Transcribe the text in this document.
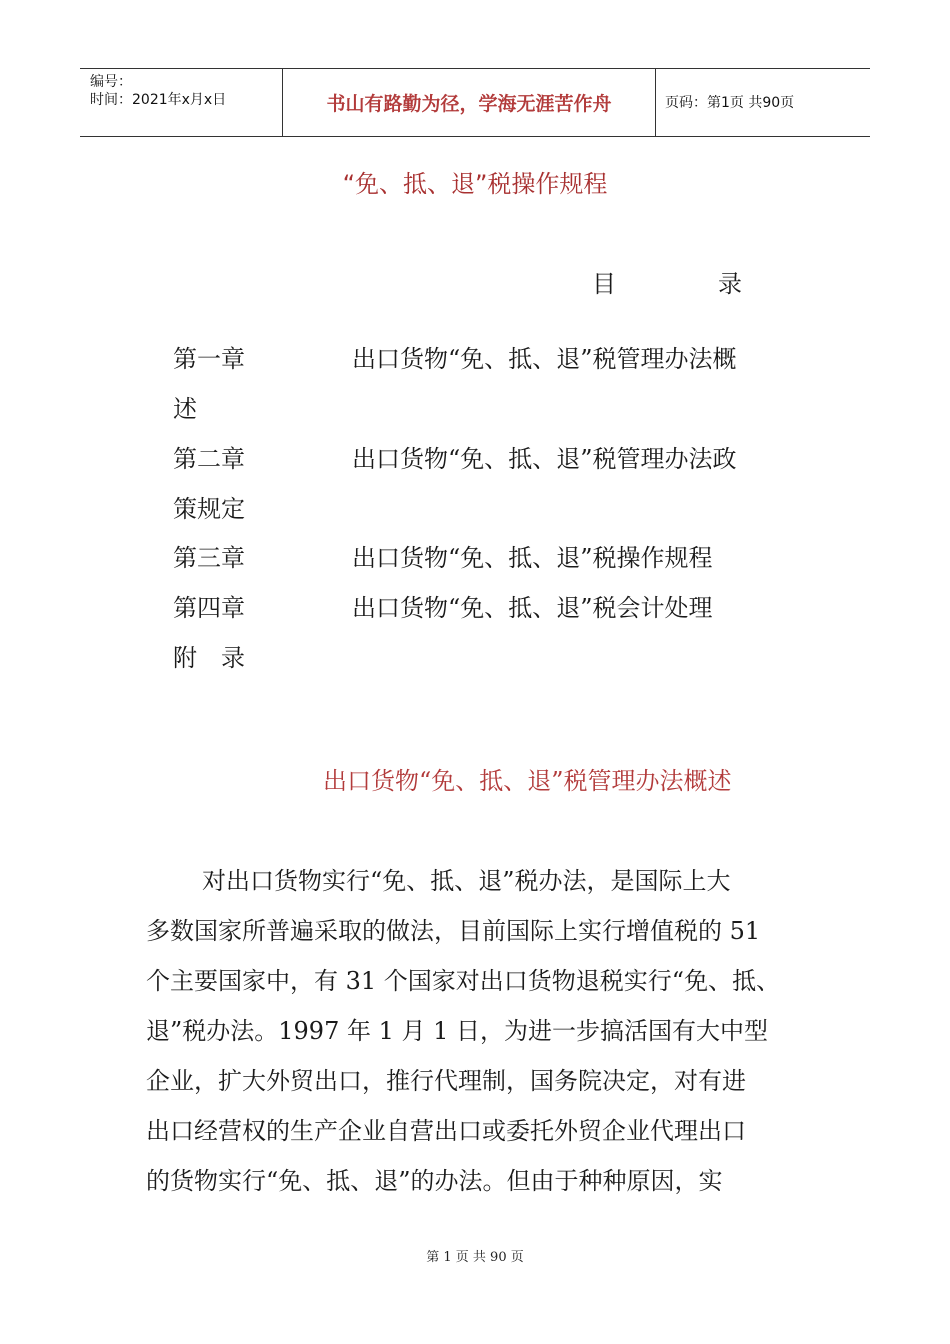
编号：
时间：2021年x月x日	书山有路勤为径，学海无涯苦作舟	页码：第1页 共90页
“免、抵、退”税操作规程
目	录
第一章	出口货物“免、抵、退”税管理办法概
述
第二章	出口货物“免、抵、退”税管理办法政
策规定
第三章	出口货物“免、抵、退”税操作规程
第四章	出口货物“免、抵、退”税会计处理
附　录
出口货物“免、抵、退”税管理办法概述
对出口货物实行“免、抵、退”税办法，是国际上大
多数国家所普遍采取的做法，目前国际上实行增值税的 51
个主要国家中，有 31 个国家对出口货物退税实行“免、抵、
退”税办法。1997 年 1 月 1 日，为进一步搞活国有大中型
企业，扩大外贸出口，推行代理制，国务院决定，对有进
出口经营权的生产企业自营出口或委托外贸企业代理出口
的货物实行“免、抵、退”的办法。但由于种种原因，实
第 1 页 共 90 页
